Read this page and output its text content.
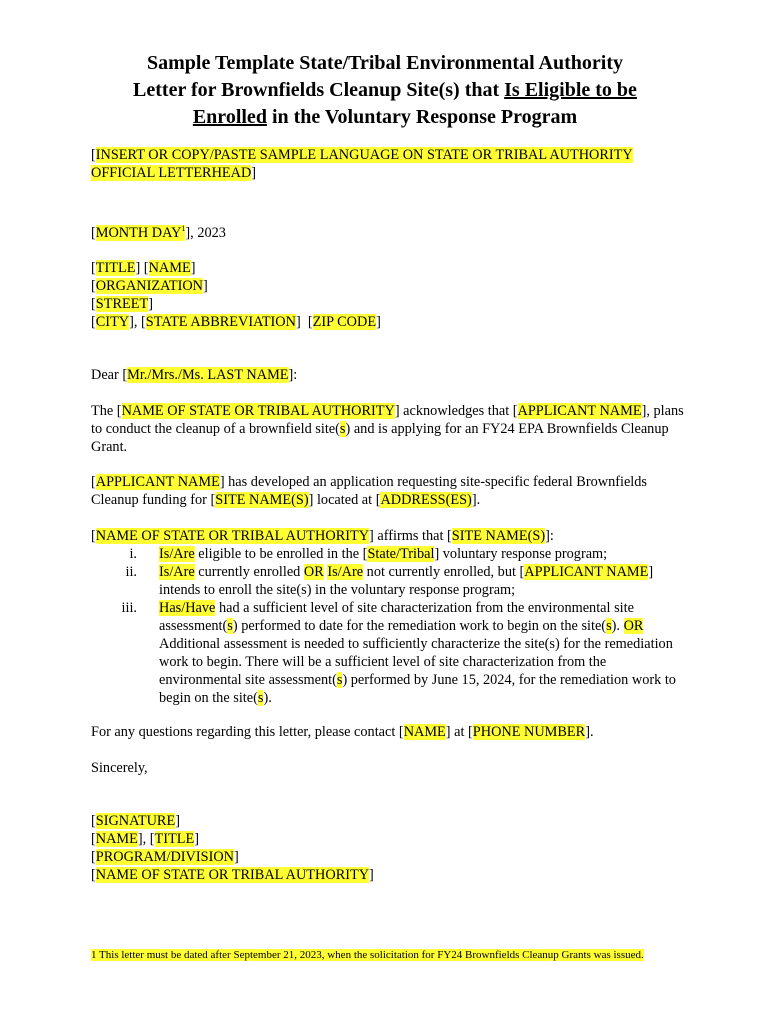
Sample Template State/Tribal Environmental Authority
Letter for Brownfields Cleanup Site(s) that Is Eligible to be
Enrolled in the Voluntary Response Program
[INSERT OR COPY/PASTE SAMPLE LANGUAGE ON STATE OR TRIBAL AUTHORITY OFFICIAL LETTERHEAD]
[MONTH DAY$^1$], 2023
[TITLE] [NAME]
[ORGANIZATION]
[STREET]
[CITY], [STATE ABBREVIATION]  [ZIP CODE]
Dear [Mr./Mrs./Ms. LAST NAME]:
The [NAME OF STATE OR TRIBAL AUTHORITY] acknowledges that [APPLICANT NAME], plans to conduct the cleanup of a brownfield site(s) and is applying for an FY24 EPA Brownfields Cleanup Grant.
[APPLICANT NAME] has developed an application requesting site-specific federal Brownfields Cleanup funding for [SITE NAME(S)] located at [ADDRESS(ES)].
[NAME OF STATE OR TRIBAL AUTHORITY] affirms that [SITE NAME(S)]:
i. Is/Are eligible to be enrolled in the [State/Tribal] voluntary response program;
ii. Is/Are currently enrolled OR Is/Are not currently enrolled, but [APPLICANT NAME] intends to enroll the site(s) in the voluntary response program;
iii. Has/Have had a sufficient level of site characterization from the environmental site assessment(s) performed to date for the remediation work to begin on the site(s). OR Additional assessment is needed to sufficiently characterize the site(s) for the remediation work to begin. There will be a sufficient level of site characterization from the environmental site assessment(s) performed by June 15, 2024, for the remediation work to begin on the site(s).
For any questions regarding this letter, please contact [NAME] at [PHONE NUMBER].
Sincerely,
[SIGNATURE]
[NAME], [TITLE]
[PROGRAM/DIVISION]
[NAME OF STATE OR TRIBAL AUTHORITY]
1 This letter must be dated after September 21, 2023, when the solicitation for FY24 Brownfields Cleanup Grants was issued.
